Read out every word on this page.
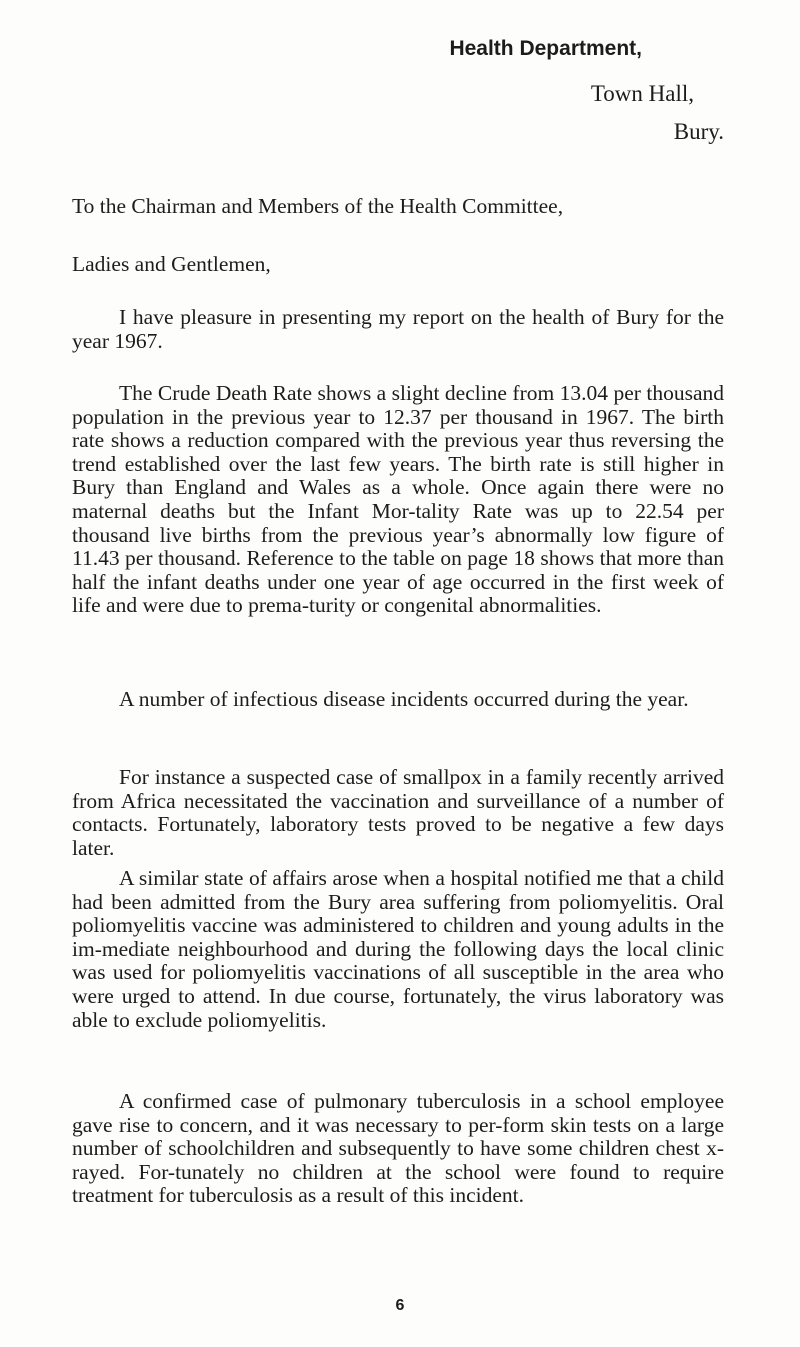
Health Department,
Town Hall,
Bury.

To the Chairman and Members of the Health Committee,

Ladies and Gentlemen,

I have pleasure in presenting my report on the health of Bury for the year 1967.

The Crude Death Rate shows a slight decline from 13.04 per thousand population in the previous year to 12.37 per thousand in 1967. The birth rate shows a reduction compared with the previous year thus reversing the trend established over the last few years. The birth rate is still higher in Bury than England and Wales as a whole. Once again there were no maternal deaths but the Infant Mor-tality Rate was up to 22.54 per thousand live births from the previous year’s abnormally low figure of 11.43 per thousand. Reference to the table on page 18 shows that more than half the infant deaths under one year of age occurred in the first week of life and were due to prema-turity or congenital abnormalities.

A number of infectious disease incidents occurred during the year.

For instance a suspected case of smallpox in a family recently arrived from Africa necessitated the vaccination and surveillance of a number of contacts. Fortunately, laboratory tests proved to be negative a few days later.

A similar state of affairs arose when a hospital notified me that a child had been admitted from the Bury area suffering from poliomyelitis. Oral poliomyelitis vaccine was administered to children and young adults in the im-mediate neighbourhood and during the following days the local clinic was used for poliomyelitis vaccinations of all susceptible in the area who were urged to attend. In due course, fortunately, the virus laboratory was able to exclude poliomyelitis.

A confirmed case of pulmonary tuberculosis in a school employee gave rise to concern, and it was necessary to per-form skin tests on a large number of schoolchildren and subsequently to have some children chest x-rayed. For-tunately no children at the school were found to require treatment for tuberculosis as a result of this incident.

6
